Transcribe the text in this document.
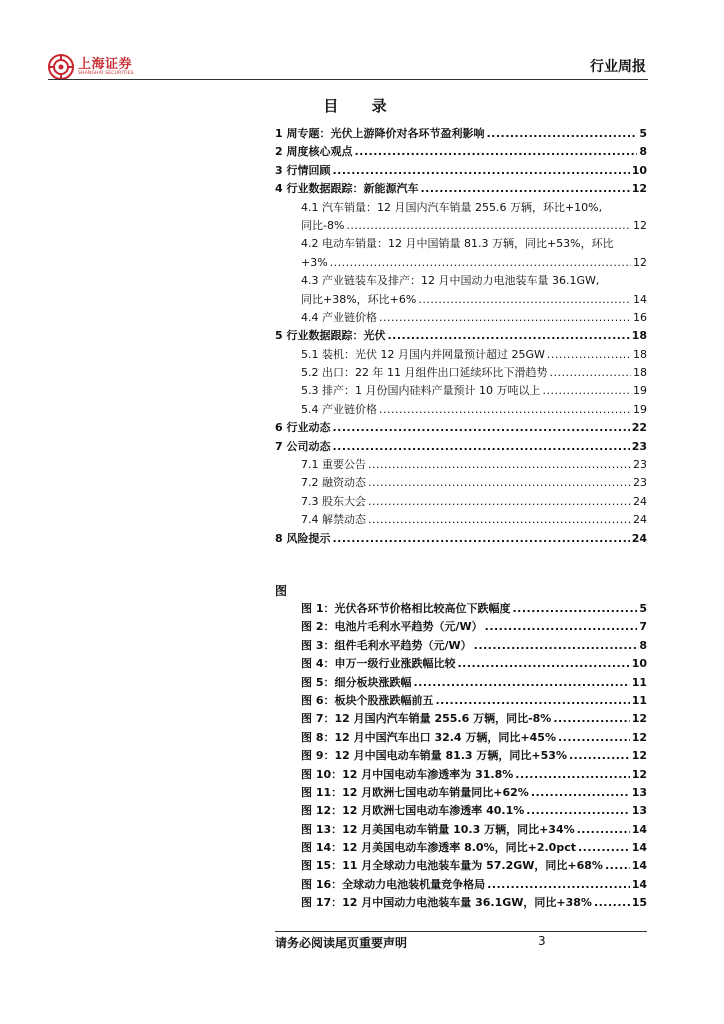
上海证券
SHANGHAI SECURITIES	行业周报
目 录
1 周专题：光伏上游降价对各环节盈利影响 .....	5
2 周度核心观点 .....	8
3 行情回顾 .....	10
4 行业数据跟踪：新能源汽车 .....	12
4.1 汽车销量：12 月国内汽车销量 255.6 万辆，环比+10%,
同比-8% .....	12
4.2 电动车销量：12 月中国销量 81.3 万辆，同比+53%，环比
+3% .....	12
4.3 产业链装车及排产：12 月中国动力电池装车量 36.1GW,
同比+38%，环比+6% .....	14
4.4 产业链价格 .....	16
5 行业数据跟踪：光伏 .....	18
5.1 装机：光伏 12 月国内并网量预计超过 25GW .....	18
5.2 出口：22 年 11 月组件出口延续环比下滑趋势 .....	18
5.3 排产：1 月份国内硅料产量预计 10 万吨以上 .....	19
5.4 产业链价格 .....	19
6 行业动态 .....	22
7 公司动态 .....	23
7.1 重要公告 .....	23
7.2 融资动态 .....	23
7.3 股东大会 .....	24
7.4 解禁动态 .....	24
8 风险提示 .....	24
图
图 1：光伏各环节价格相比较高位下跌幅度 .....	5
图 2：电池片毛利水平趋势（元/W） .....	7
图 3：组件毛利水平趋势（元/W） .....	8
图 4：申万一级行业涨跌幅比较 .....	10
图 5：细分板块涨跌幅 .....	11
图 6：板块个股涨跌幅前五 .....	11
图 7：12 月国内汽车销量 255.6 万辆，同比-8% .....	12
图 8：12 月中国汽车出口 32.4 万辆，同比+45% .....	12
图 9：12 月中国电动车销量 81.3 万辆，同比+53% .....	12
图 10：12 月中国电动车渗透率为 31.8% .....	12
图 11：12 月欧洲七国电动车销量同比+62% .....	13
图 12：12 月欧洲七国电动车渗透率 40.1% .....	13
图 13：12 月美国电动车销量 10.3 万辆，同比+34% .....	14
图 14：12 月美国电动车渗透率 8.0%，同比+2.0pct .....	14
图 15：11 月全球动力电池装车量为 57.2GW，同比+68% .....	14
图 16：全球动力电池装机量竞争格局 .....	14
图 17：12 月中国动力电池装车量 36.1GW，同比+38% .....	15
请务必阅读尾页重要声明	3
